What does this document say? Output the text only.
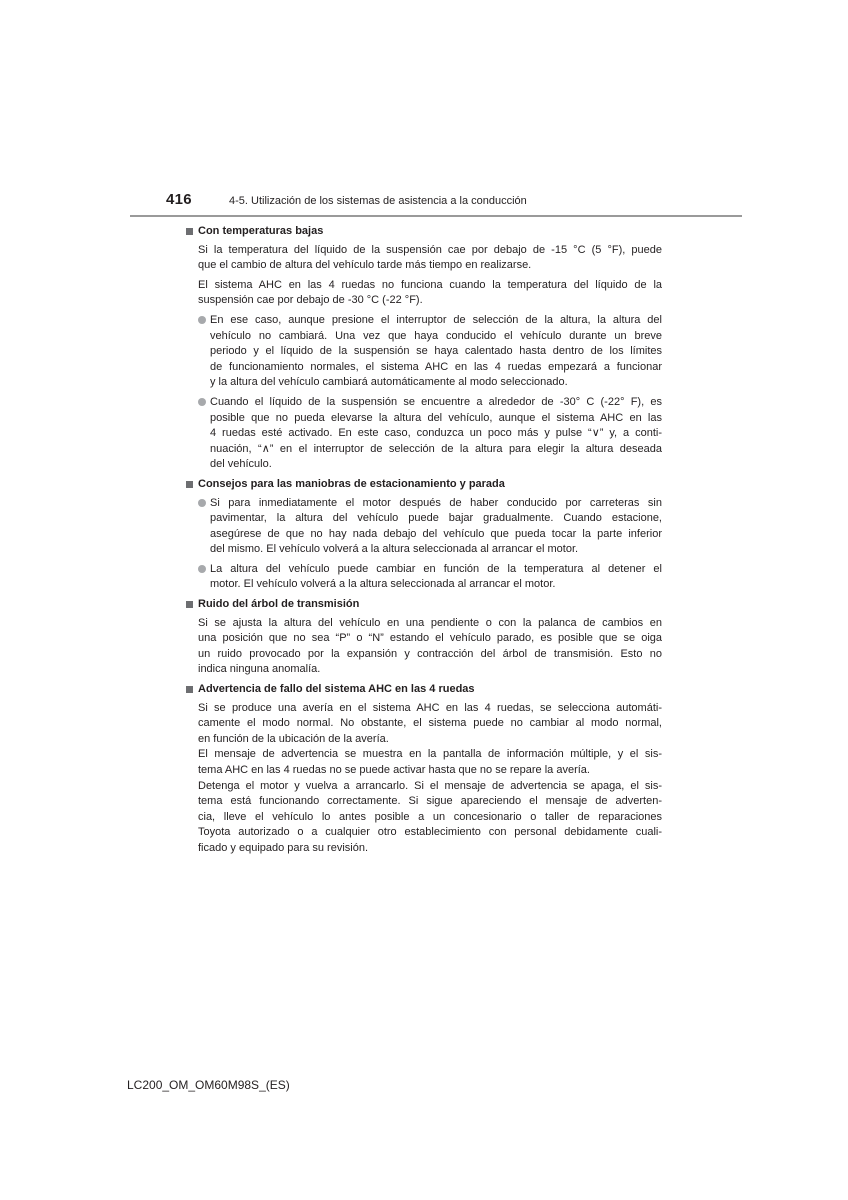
416	4-5. Utilización de los sistemas de asistencia a la conducción
Con temperaturas bajas
Si la temperatura del líquido de la suspensión cae por debajo de -15 °C (5 °F), puede
que el cambio de altura del vehículo tarde más tiempo en realizarse.
El sistema AHC en las 4 ruedas no funciona cuando la temperatura del líquido de la
suspensión cae por debajo de -30 °C (-22 °F).
En ese caso, aunque presione el interruptor de selección de la altura, la altura del
vehículo no cambiará. Una vez que haya conducido el vehículo durante un breve
periodo y el líquido de la suspensión se haya calentado hasta dentro de los límites
de funcionamiento normales, el sistema AHC en las 4 ruedas empezará a funcionar
y la altura del vehículo cambiará automáticamente al modo seleccionado.
Cuando el líquido de la suspensión se encuentre a alrededor de -30° C (-22° F), es
posible que no pueda elevarse la altura del vehículo, aunque el sistema AHC en las
4 ruedas esté activado. En este caso, conduzca un poco más y pulse “∨” y, a conti-
nuación, “∧” en el interruptor de selección de la altura para elegir la altura deseada
del vehículo.
Consejos para las maniobras de estacionamiento y parada
Si para inmediatamente el motor después de haber conducido por carreteras sin
pavimentar, la altura del vehículo puede bajar gradualmente. Cuando estacione,
asegúrese de que no hay nada debajo del vehículo que pueda tocar la parte inferior
del mismo. El vehículo volverá a la altura seleccionada al arrancar el motor.
La altura del vehículo puede cambiar en función de la temperatura al detener el
motor. El vehículo volverá a la altura seleccionada al arrancar el motor.
Ruido del árbol de transmisión
Si se ajusta la altura del vehículo en una pendiente o con la palanca de cambios en
una posición que no sea “P” o “N” estando el vehículo parado, es posible que se oiga
un ruido provocado por la expansión y contracción del árbol de transmisión. Esto no
indica ninguna anomalía.
Advertencia de fallo del sistema AHC en las 4 ruedas
Si se produce una avería en el sistema AHC en las 4 ruedas, se selecciona automáti-
camente el modo normal. No obstante, el sistema puede no cambiar al modo normal,
en función de la ubicación de la avería.
El mensaje de advertencia se muestra en la pantalla de información múltiple, y el sis-
tema AHC en las 4 ruedas no se puede activar hasta que no se repare la avería.
Detenga el motor y vuelva a arrancarlo. Si el mensaje de advertencia se apaga, el sis-
tema está funcionando correctamente. Si sigue apareciendo el mensaje de adverten-
cia, lleve el vehículo lo antes posible a un concesionario o taller de reparaciones
Toyota autorizado o a cualquier otro establecimiento con personal debidamente cuali-
ficado y equipado para su revisión.
LC200_OM_OM60M98S_(ES)
